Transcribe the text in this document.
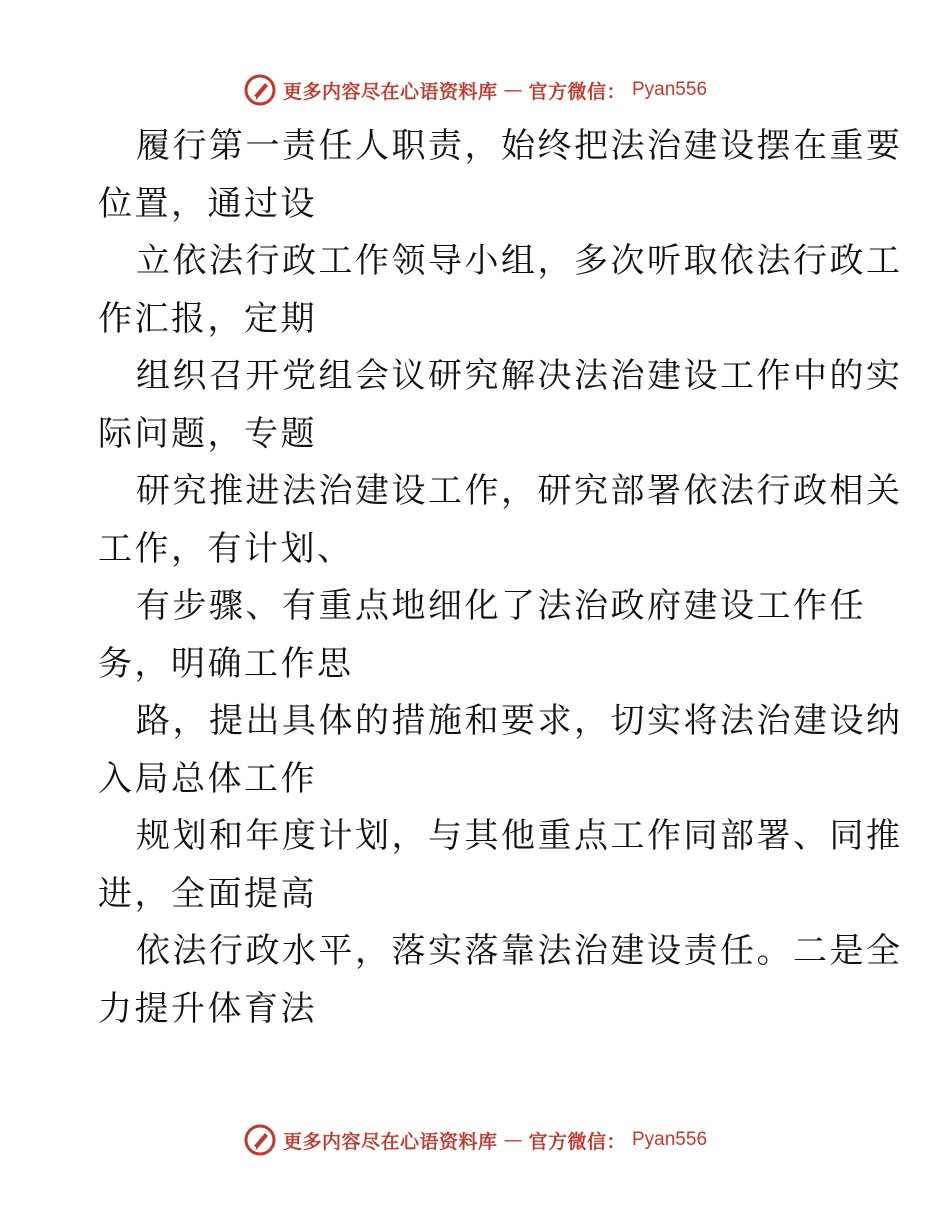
更多内容尽在心语资料库 — 官方微信： Pyan556
履行第一责任人职责，始终把法治建设摆在重要
位置，通过设
立依法行政工作领导小组，多次听取依法行政工
作汇报，定期
组织召开党组会议研究解决法治建设工作中的实
际问题，专题
研究推进法治建设工作，研究部署依法行政相关
工作，有计划、
有步骤、有重点地细化了法治政府建设工作任
务，明确工作思
路，提出具体的措施和要求，切实将法治建设纳
入局总体工作
规划和年度计划，与其他重点工作同部署、同推
进，全面提高
依法行政水平，落实落靠法治建设责任。二是全
力提升体育法
更多内容尽在心语资料库 — 官方微信： Pyan556
